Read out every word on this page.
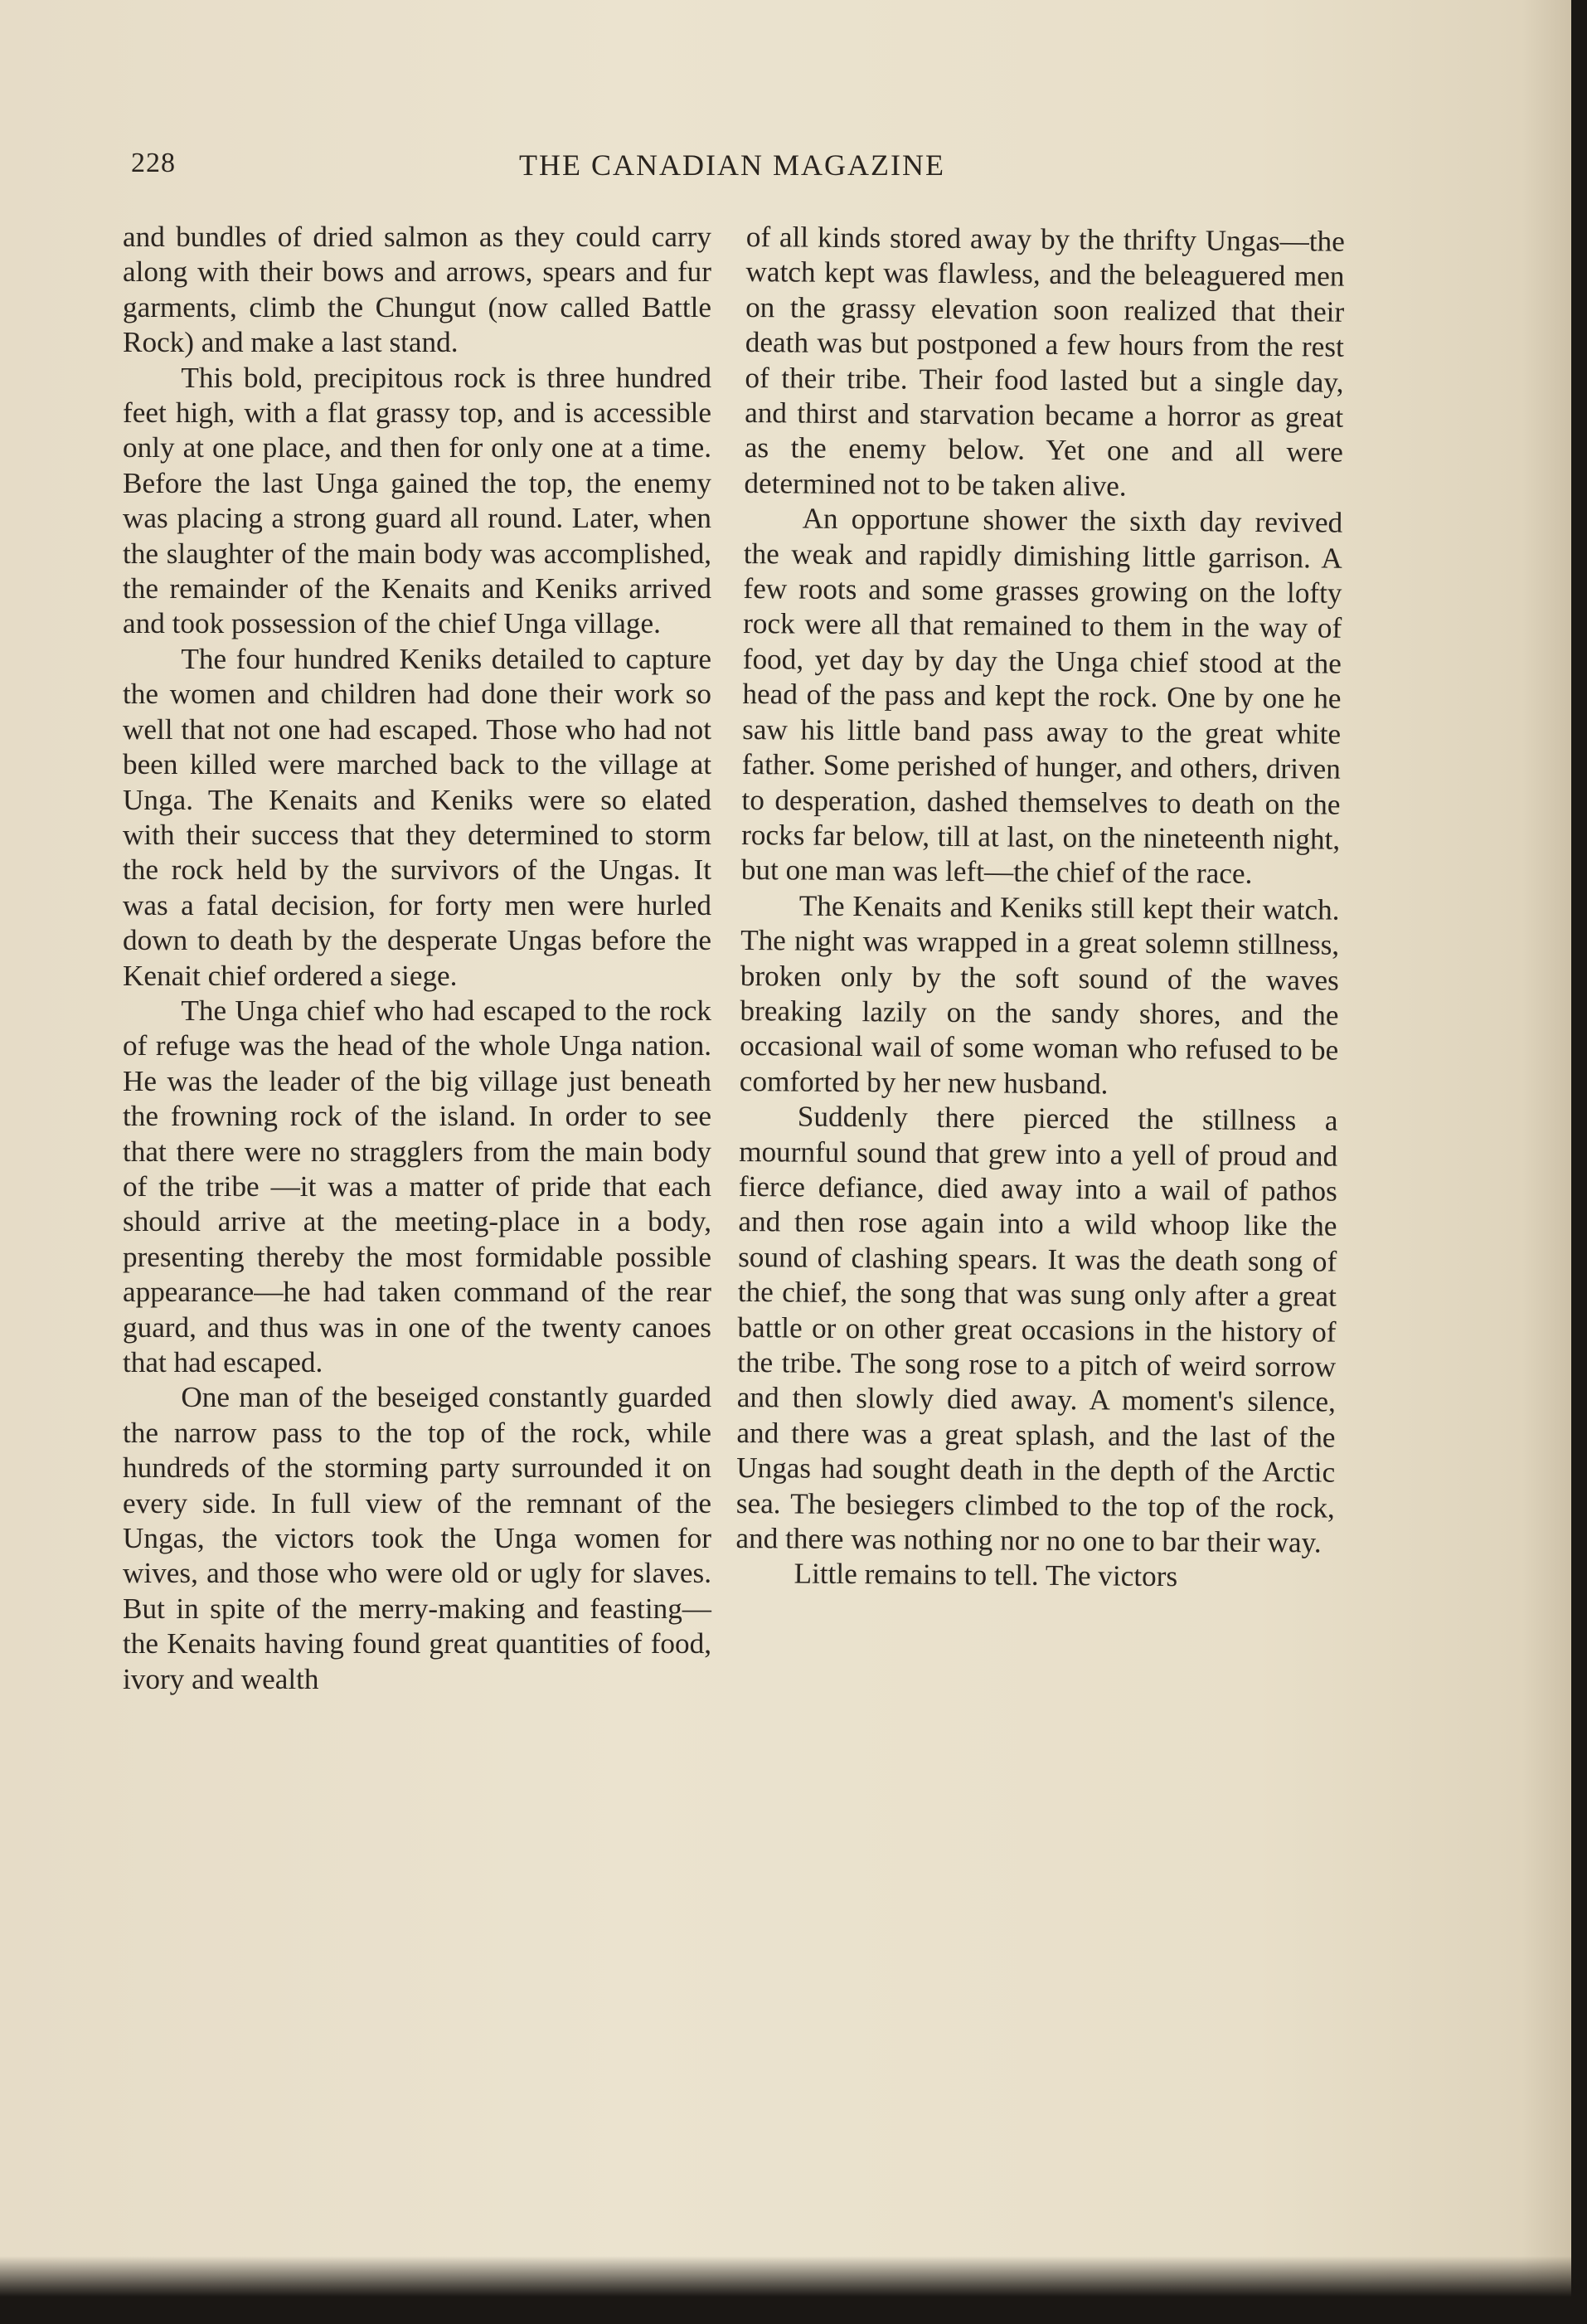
228	THE CANADIAN MAGAZINE

and bundles of dried salmon as they could carry along with their bows and arrows, spears and fur garments, climb the Chungut (now called Battle Rock) and make a last stand.

This bold, precipitous rock is three hundred feet high, with a flat grassy top, and is accessible only at one place, and then for only one at a time. Before the last Unga gained the top, the enemy was placing a strong guard all round. Later, when the slaughter of the main body was accomplished, the remainder of the Kenaits and Keniks arrived and took possession of the chief Unga village.

The four hundred Keniks detailed to capture the women and children had done their work so well that not one had escaped. Those who had not been killed were marched back to the village at Unga. The Kenaits and Keniks were so elated with their success that they determined to storm the rock held by the survivors of the Ungas. It was a fatal decision, for forty men were hurled down to death by the desperate Ungas before the Kenait chief ordered a siege.

The Unga chief who had escaped to the rock of refuge was the head of the whole Unga nation. He was the leader of the big village just beneath the frowning rock of the island. In order to see that there were no stragglers from the main body of the tribe —it was a matter of pride that each should arrive at the meeting-place in a body, presenting thereby the most formidable possible appearance—he had taken command of the rear guard, and thus was in one of the twenty canoes that had escaped.

One man of the beseiged constantly guarded the narrow pass to the top of the rock, while hundreds of the storming party surrounded it on every side. In full view of the remnant of the Ungas, the victors took the Unga women for wives, and those who were old or ugly for slaves. But in spite of the merry-making and feasting—the Kenaits having found great quantities of food, ivory and wealth

of all kinds stored away by the thrifty Ungas—the watch kept was flawless, and the beleaguered men on the grassy elevation soon realized that their death was but postponed a few hours from the rest of their tribe. Their food lasted but a single day, and thirst and starvation became a horror as great as the enemy below. Yet one and all were determined not to be taken alive.

An opportune shower the sixth day revived the weak and rapidly dimishing little garrison. A few roots and some grasses growing on the lofty rock were all that remained to them in the way of food, yet day by day the Unga chief stood at the head of the pass and kept the rock. One by one he saw his little band pass away to the great white father. Some perished of hunger, and others, driven to desperation, dashed themselves to death on the rocks far below, till at last, on the nineteenth night, but one man was left—the chief of the race.

The Kenaits and Keniks still kept their watch. The night was wrapped in a great solemn stillness, broken only by the soft sound of the waves breaking lazily on the sandy shores, and the occasional wail of some woman who refused to be comforted by her new husband.

Suddenly there pierced the stillness a mournful sound that grew into a yell of proud and fierce defiance, died away into a wail of pathos and then rose again into a wild whoop like the sound of clashing spears. It was the death song of the chief, the song that was sung only after a great battle or on other great occasions in the history of the tribe. The song rose to a pitch of weird sorrow and then slowly died away. A moment's silence, and there was a great splash, and the last of the Ungas had sought death in the depth of the Arctic sea. The besiegers climbed to the top of the rock, and there was nothing nor no one to bar their way.

Little remains to tell. The victors
